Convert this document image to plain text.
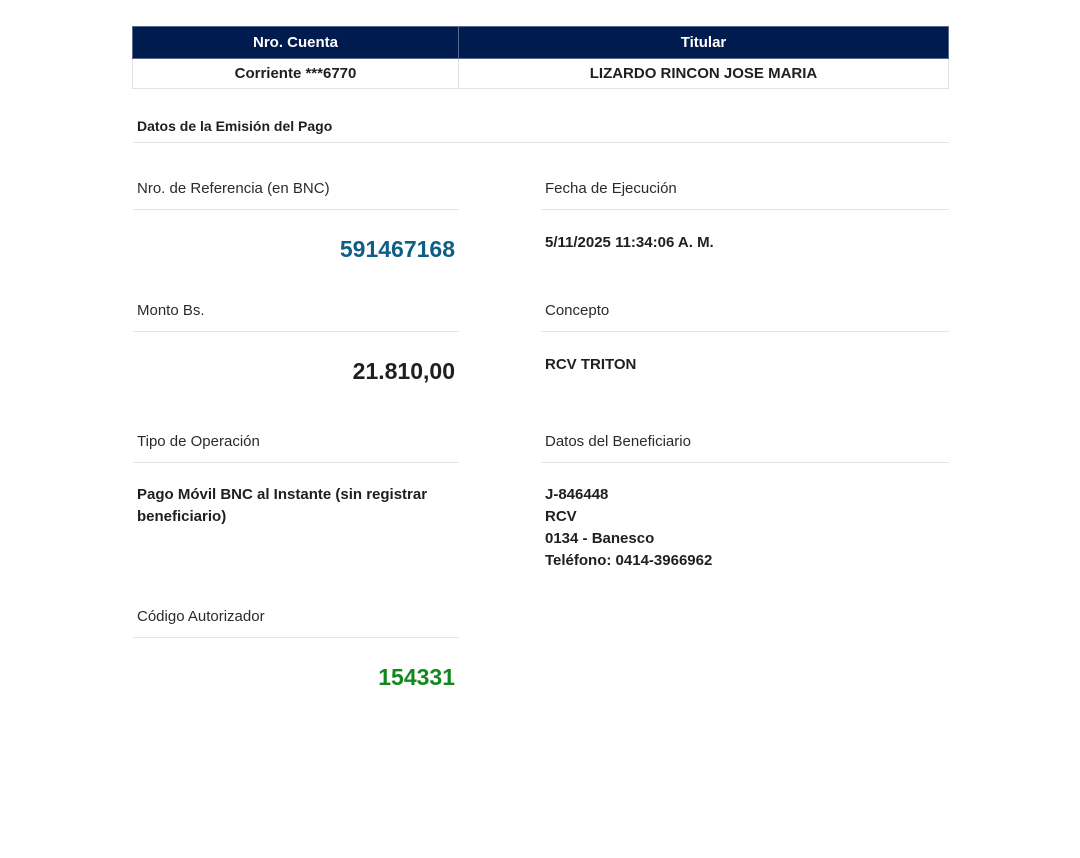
Nro. Cuenta	Titular
Corriente ***6770	LIZARDO RINCON JOSE MARIA
Datos de la Emisión del Pago
Nro. de Referencia (en BNC)
591467168
Fecha de Ejecución
5/11/2025 11:34:06 A. M.
Monto Bs.
21.810,00
Concepto
RCV TRITON
Tipo de Operación
Pago Móvil BNC al Instante (sin registrar beneficiario)
Datos del Beneficiario
J-846448
RCV
0134 - Banesco
Teléfono: 0414-3966962
Código Autorizador
154331
